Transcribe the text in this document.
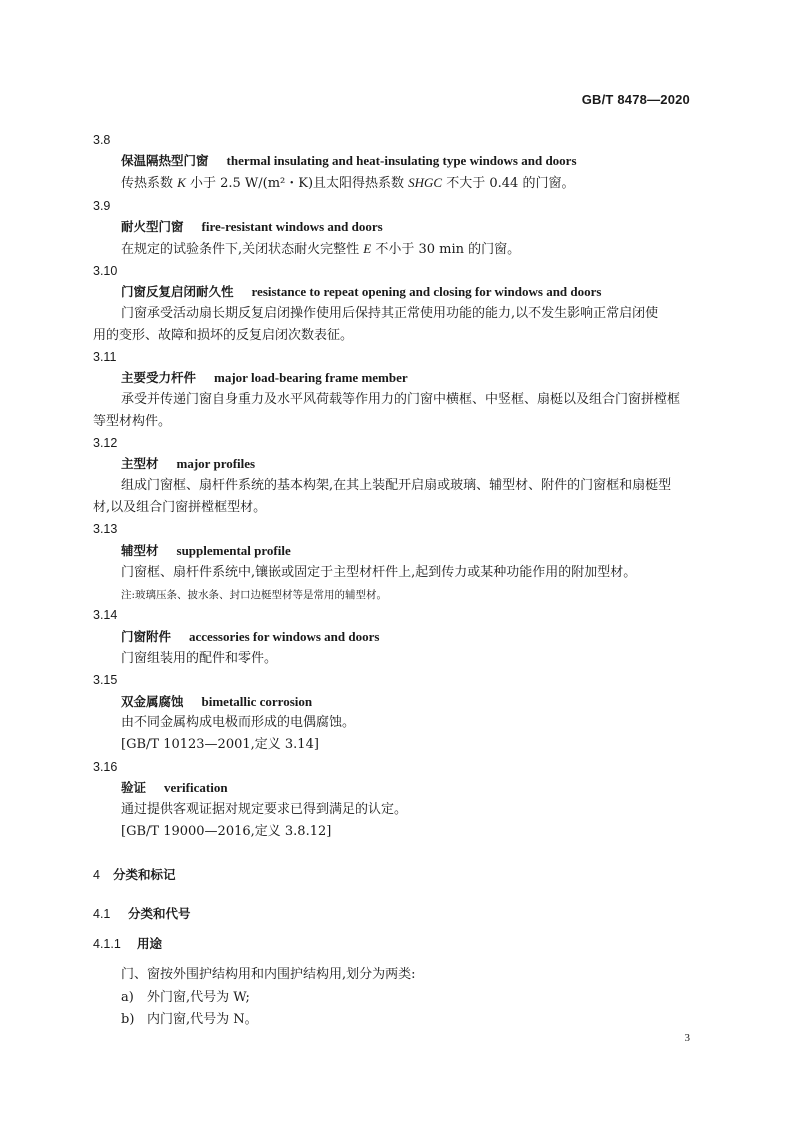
GB/T 8478—2020
3.8
保温隔热型门窗 thermal insulating and heat-insulating type windows and doors
传热系数 K 小于 2.5 W/(m²・K)且太阳得热系数 SHGC 不大于 0.44 的门窗。
3.9
耐火型门窗 fire-resistant windows and doors
在规定的试验条件下,关闭状态耐火完整性 E 不小于 30 min 的门窗。
3.10
门窗反复启闭耐久性 resistance to repeat opening and closing for windows and doors
门窗承受活动扇长期反复启闭操作使用后保持其正常使用功能的能力,以不发生影响正常启闭使
用的变形、故障和损坏的反复启闭次数表征。
3.11
主要受力杆件 major load-bearing frame member
承受并传递门窗自身重力及水平风荷载等作用力的门窗中横框、中竖框、扇梃以及组合门窗拼樘框
等型材构件。
3.12
主型材 major profiles
组成门窗框、扇杆件系统的基本构架,在其上装配开启扇或玻璃、辅型材、附件的门窗框和扇梃型
材,以及组合门窗拼樘框型材。
3.13
辅型材 supplemental profile
门窗框、扇杆件系统中,镶嵌或固定于主型材杆件上,起到传力或某种功能作用的附加型材。
注:玻璃压条、披水条、封口边梃型材等是常用的辅型材。
3.14
门窗附件 accessories for windows and doors
门窗组装用的配件和零件。
3.15
双金属腐蚀 bimetallic corrosion
由不同金属构成电极而形成的电偶腐蚀。
[GB/T 10123—2001,定义 3.14]
3.16
验证 verification
通过提供客观证据对规定要求已得到满足的认定。
[GB/T 19000—2016,定义 3.8.12]
4 分类和标记
4.1 分类和代号
4.1.1 用途
门、窗按外围护结构用和内围护结构用,划分为两类:
a) 外门窗,代号为 W;
b) 内门窗,代号为 N。
3
